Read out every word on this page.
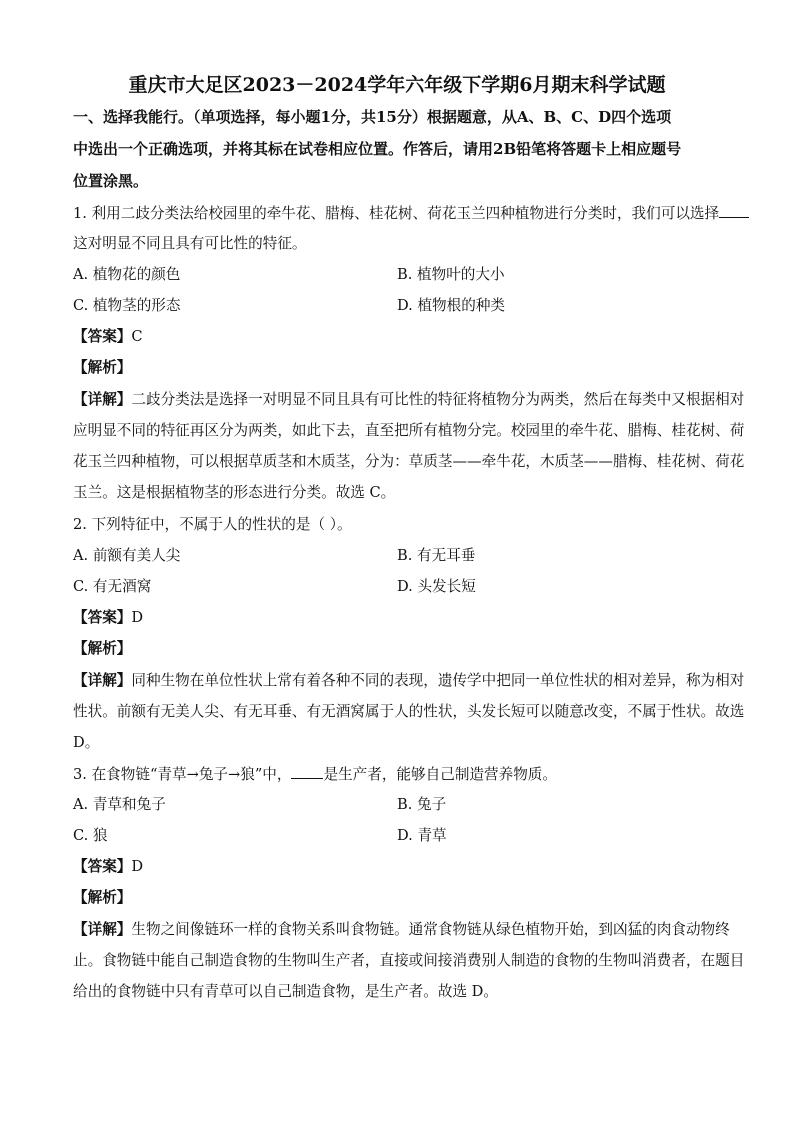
重庆市大足区2023－2024学年六年级下学期6月期末科学试题
一、选择我能行。（单项选择，每小题1分，共15分）根据题意，从A、B、C、D四个选项
中选出一个正确选项，并将其标在试卷相应位置。作答后，请用2B铅笔将答题卡上相应题号
位置涂黑。
1. 利用二歧分类法给校园里的牵牛花、腊梅、桂花树、荷花玉兰四种植物进行分类时，我们可以选择
这对明显不同且具有可比性的特征。
A. 植物花的颜色	B. 植物叶的大小
C. 植物茎的形态	D. 植物根的种类
【答案】C
【解析】
【详解】二歧分类法是选择一对明显不同且具有可比性的特征将植物分为两类，然后在每类中又根据相对
应明显不同的特征再区分为两类，如此下去，直至把所有植物分完。校园里的牵牛花、腊梅、桂花树、荷
花玉兰四种植物，可以根据草质茎和木质茎，分为：草质茎——牵牛花，木质茎——腊梅、桂花树、荷花
玉兰。这是根据植物茎的形态进行分类。故选 C。
2. 下列特征中，不属于人的性状的是（ ）。
A. 前额有美人尖	B. 有无耳垂
C. 有无酒窝	D. 头发长短
【答案】D
【解析】
【详解】同种生物在单位性状上常有着各种不同的表现，遗传学中把同一单位性状的相对差异，称为相对
性状。前额有无美人尖、有无耳垂、有无酒窝属于人的性状，头发长短可以随意改变，不属于性状。故选
D。
3. 在食物链“青草→兔子→狼”中， 是生产者，能够自己制造营养物质。
A. 青草和兔子	B. 兔子
C. 狼	D. 青草
【答案】D
【解析】
【详解】生物之间像链环一样的食物关系叫食物链。通常食物链从绿色植物开始，到凶猛的肉食动物终
止。食物链中能自己制造食物的生物叫生产者，直接或间接消费别人制造的食物的生物叫消费者，在题目
给出的食物链中只有青草可以自己制造食物，是生产者。故选 D。
